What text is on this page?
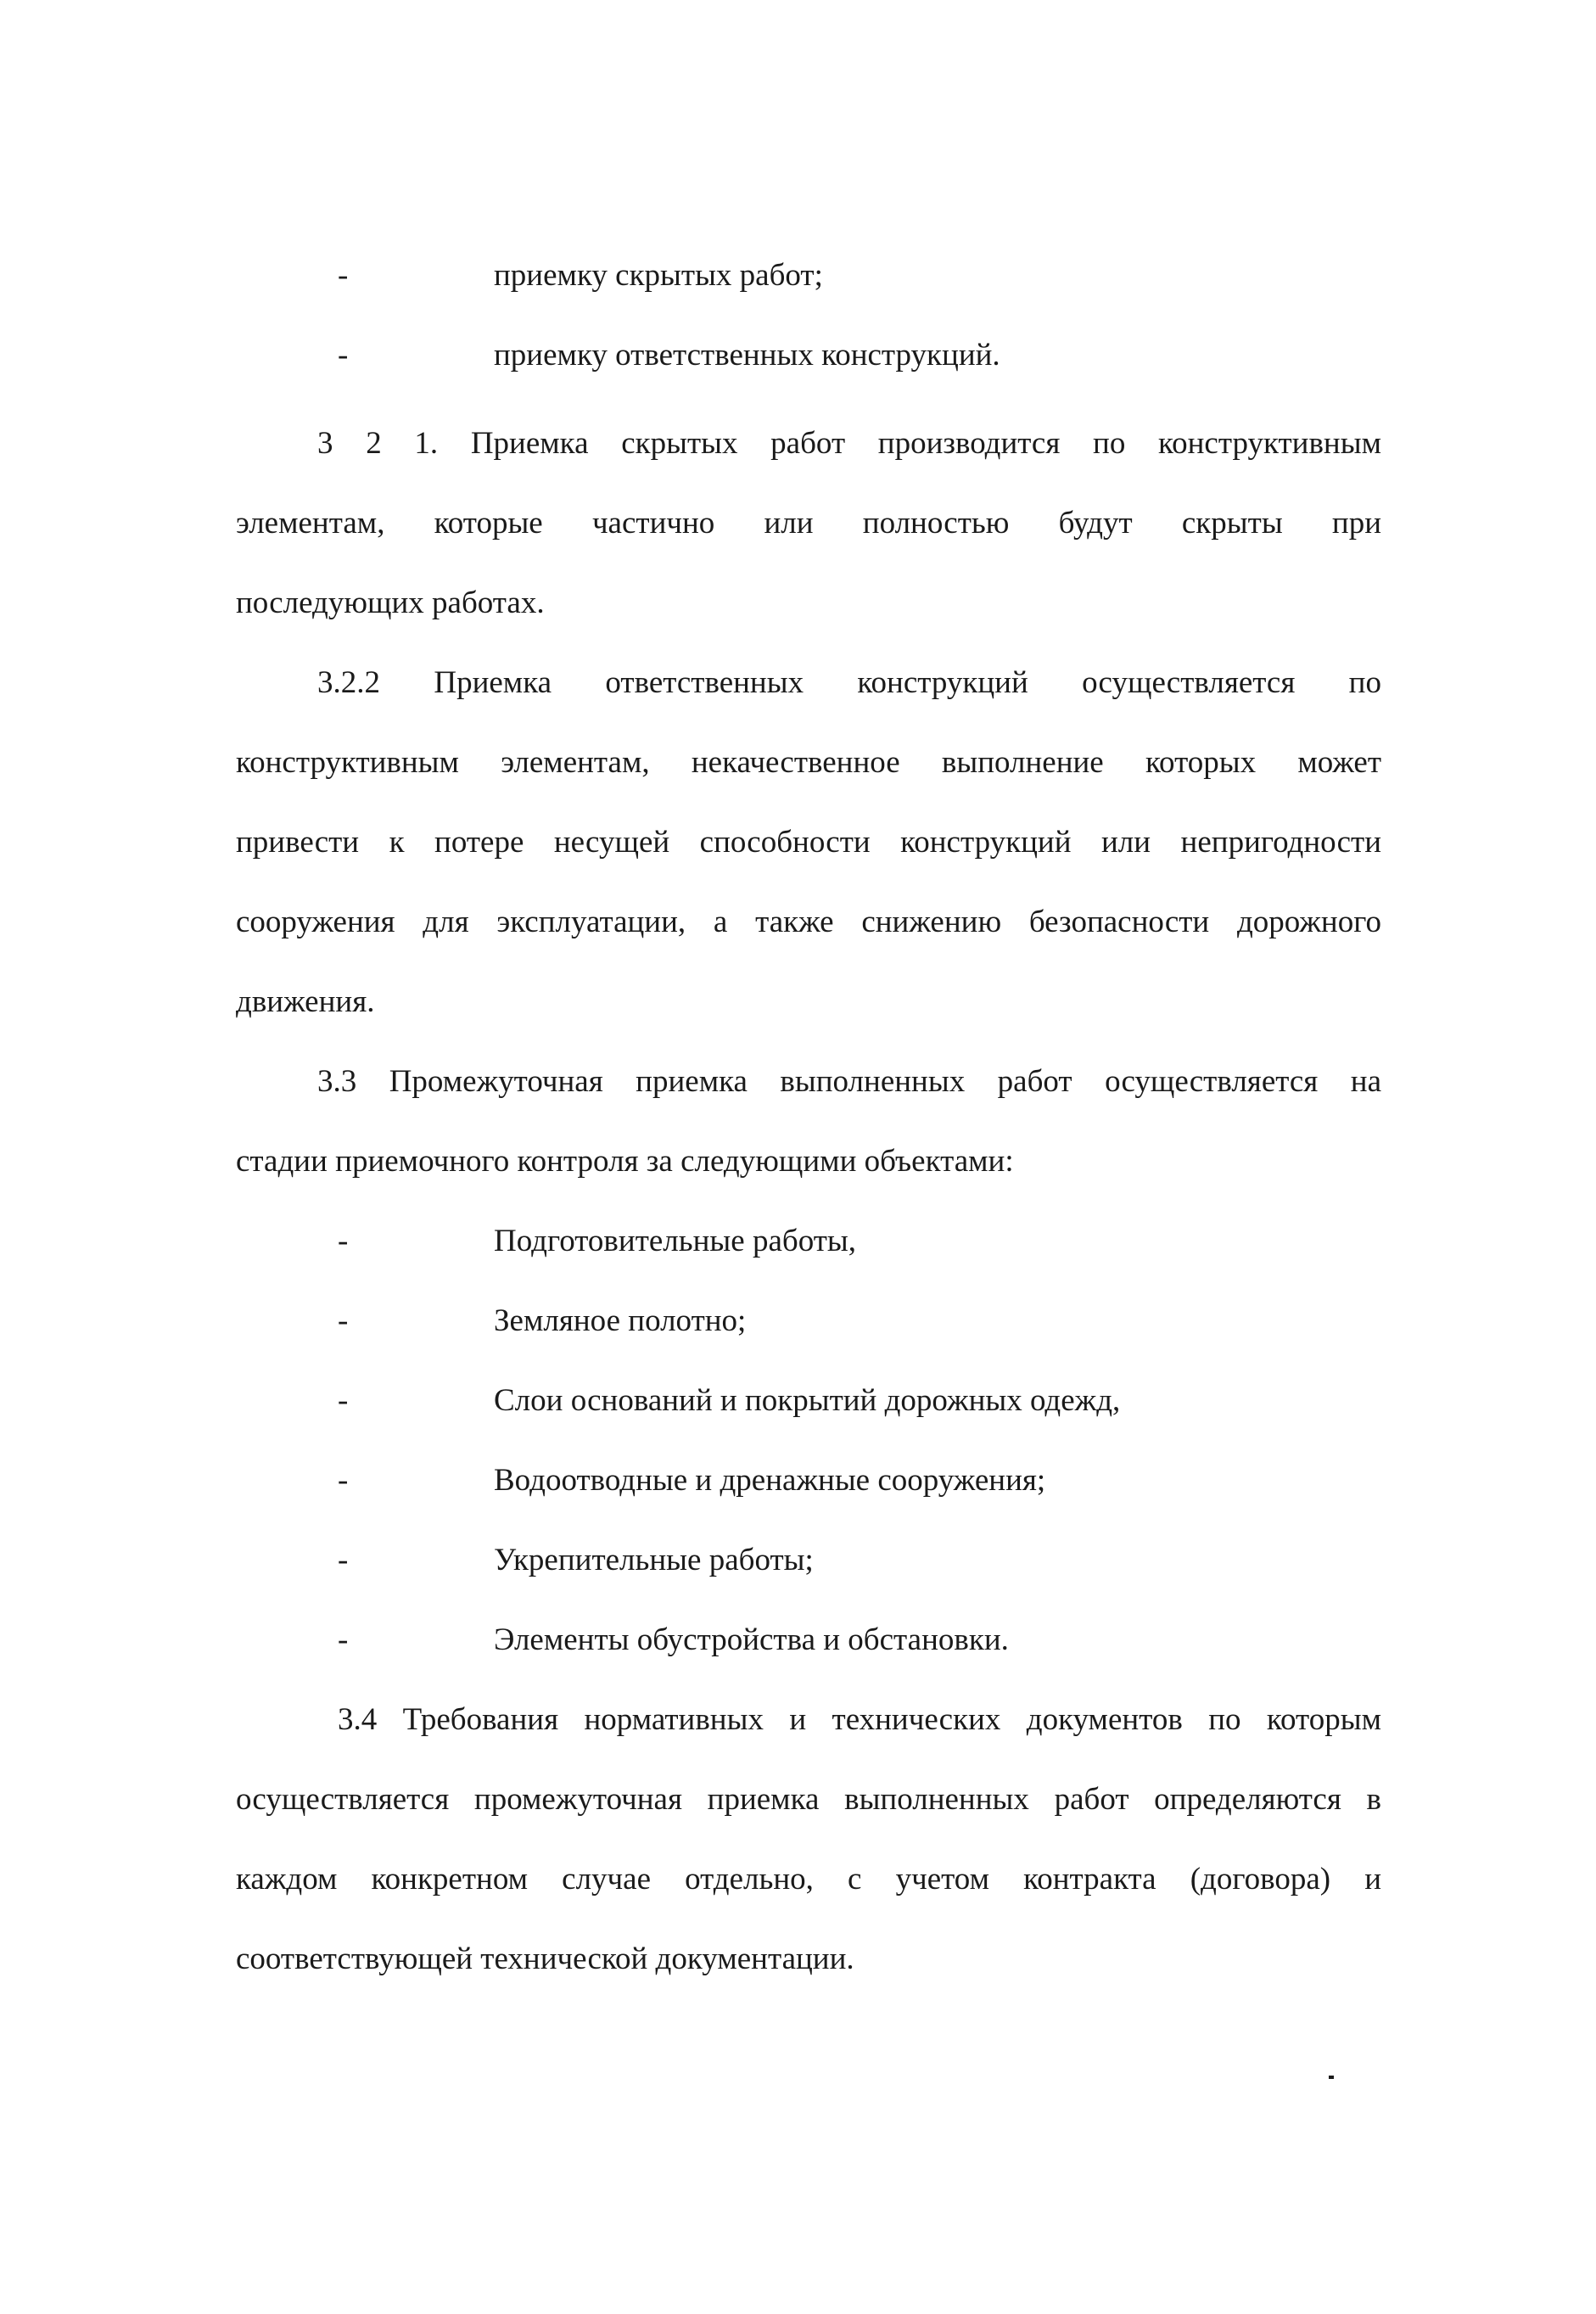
-	приемку скрытых работ;
-	приемку ответственных конструкций.
3 2 1. Приемка скрытых работ производится по конструктивным
элементам, которые частично или полностью будут скрыты при
последующих работах.
3.2.2 Приемка ответственных конструкций осуществляется по
конструктивным элементам, некачественное выполнение которых может
привести к потере несущей способности конструкций или непригодности
сооружения для эксплуатации, а также снижению безопасности дорожного
движения.
3.3 Промежуточная приемка выполненных работ осуществляется на
стадии приемочного контроля за следующими объектами:
-	Подготовительные работы,
-	Земляное полотно;
-	Слои оснований и покрытий дорожных одежд,
-	Водоотводные и дренажные сооружения;
-	Укрепительные работы;
-	Элементы обустройства и обстановки.
3.4 Требования нормативных и технических документов по которым
осуществляется промежуточная приемка выполненных работ определяются в
каждом конкретном случае отдельно, с учетом контракта (договора) и
соответствующей технической документации.
